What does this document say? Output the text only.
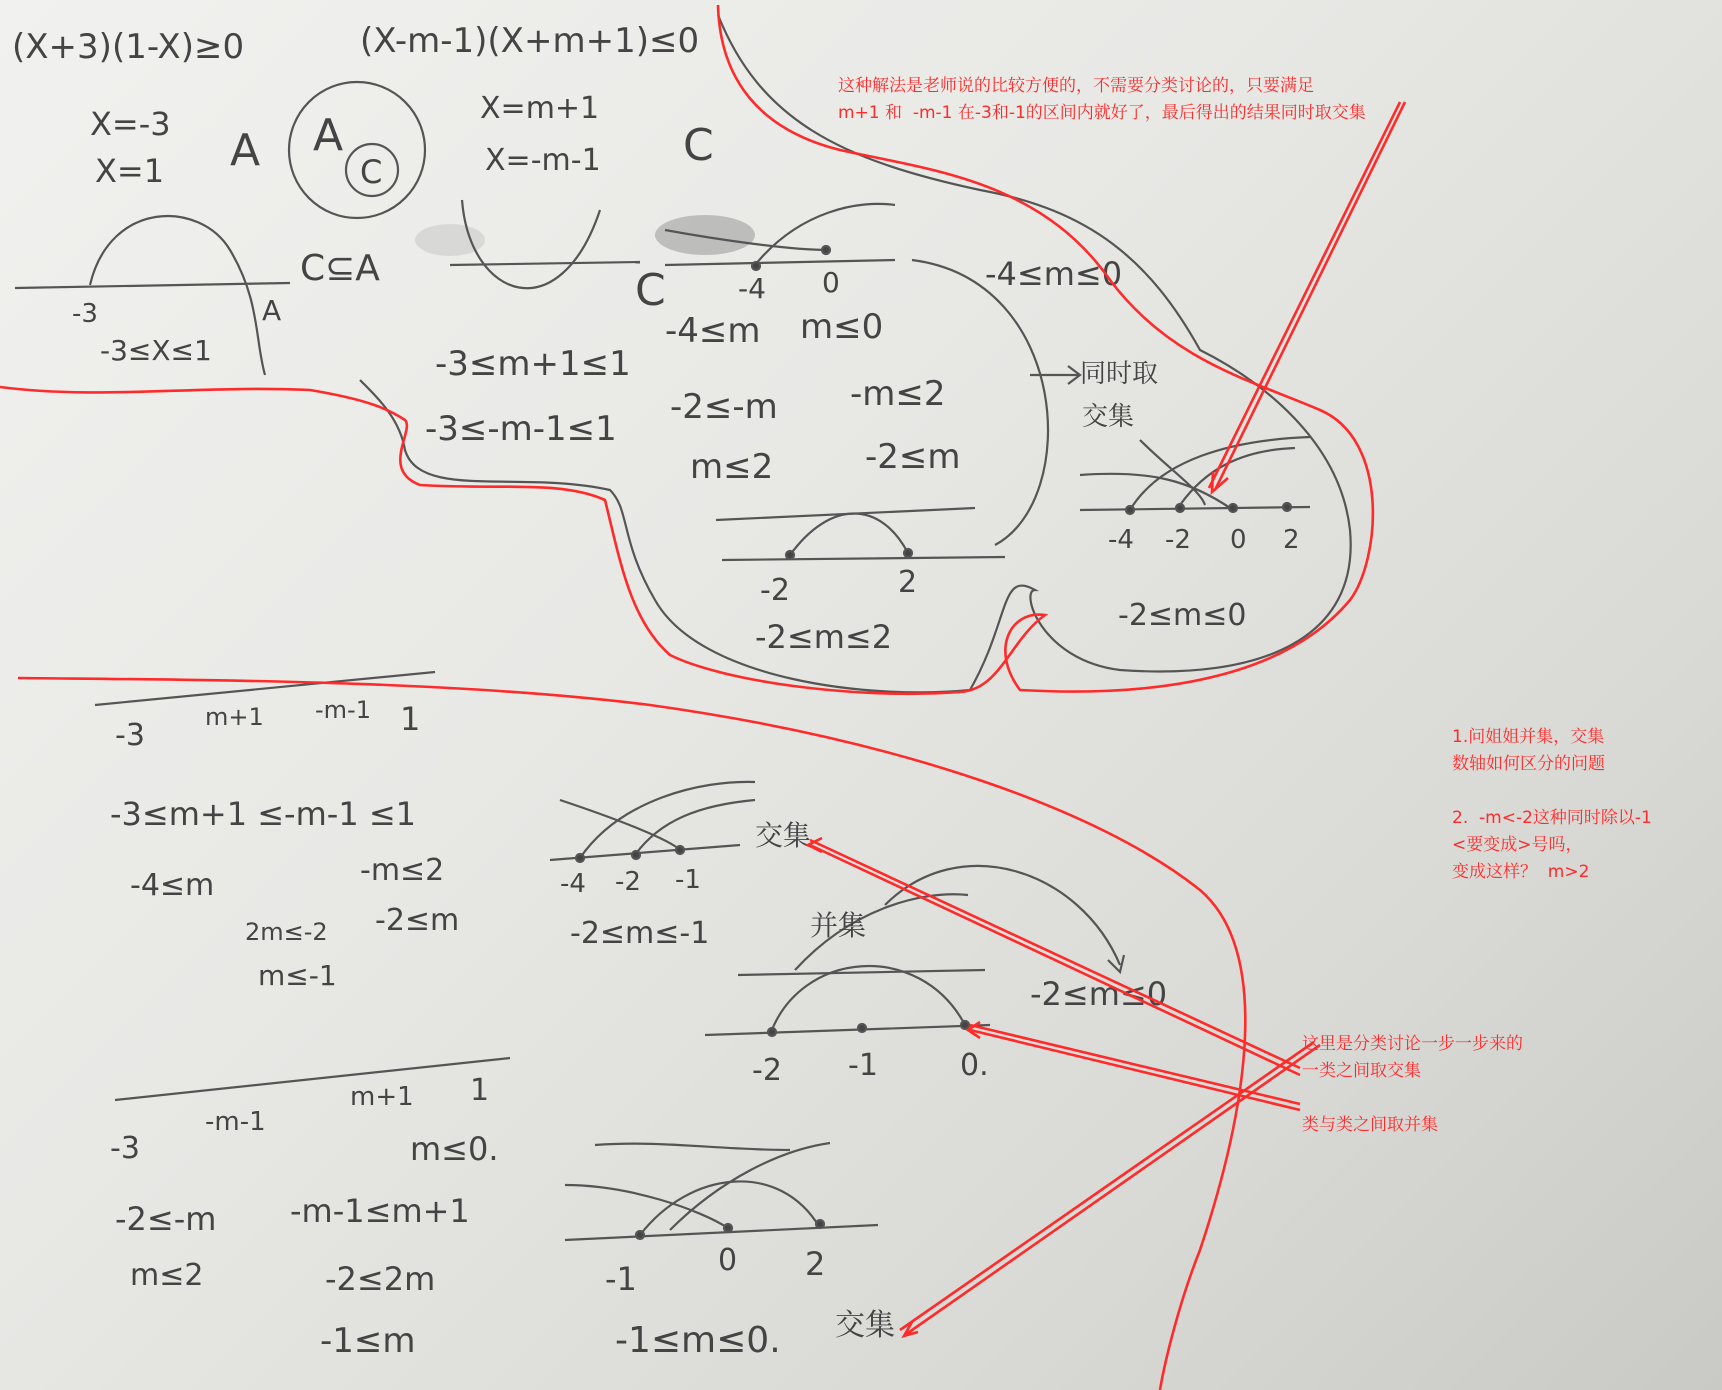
(X+3)(1-X)≥0	(X-m-1)(X+m+1)≤0
X=-3
X=1 A A
C
X=m+1
X=-m-1 C
C⊆A
-3	A
-3≤X≤1
C
-3≤m+1≤1
-3≤-m-1≤1
-4≤m m≤0
-2≤-m -m≤2
m≤2	-2≤m
-4 0	-4≤m≤0
-2	2
-2≤m≤2
同时取
交集
-4 -2 0 2
-2≤m≤0
-3
m+1 -m-1 1
-3≤m+1 ≤-m-1 ≤1
-4≤m	-m≤2
2m≤-2 -2≤m
m≤-1
-4 -2 -1
交集
-2≤m≤-1	并集
-2 -1	0.
-2≤m≤0
-3
-m-1
m+1 1
m≤0.
-2≤-m -m-1≤m+1
m≤2	-2≤2m
-1≤m
-1	0 2
-1≤m≤0. 交集
这种解法是老师说的比较方便的，不需要分类讨论的，只要满足
m+1 和  -m-1 在-3和-1的区间内就好了，最后得出的结果同时取交集
1.问姐姐并集，交集
数轴如何区分的问题

2.  -m<-2这种同时除以-1
<要变成>号吗，
变成这样？  m>2
这里是分类讨论一步一步来的
一类之间取交集
类与类之间取并集
